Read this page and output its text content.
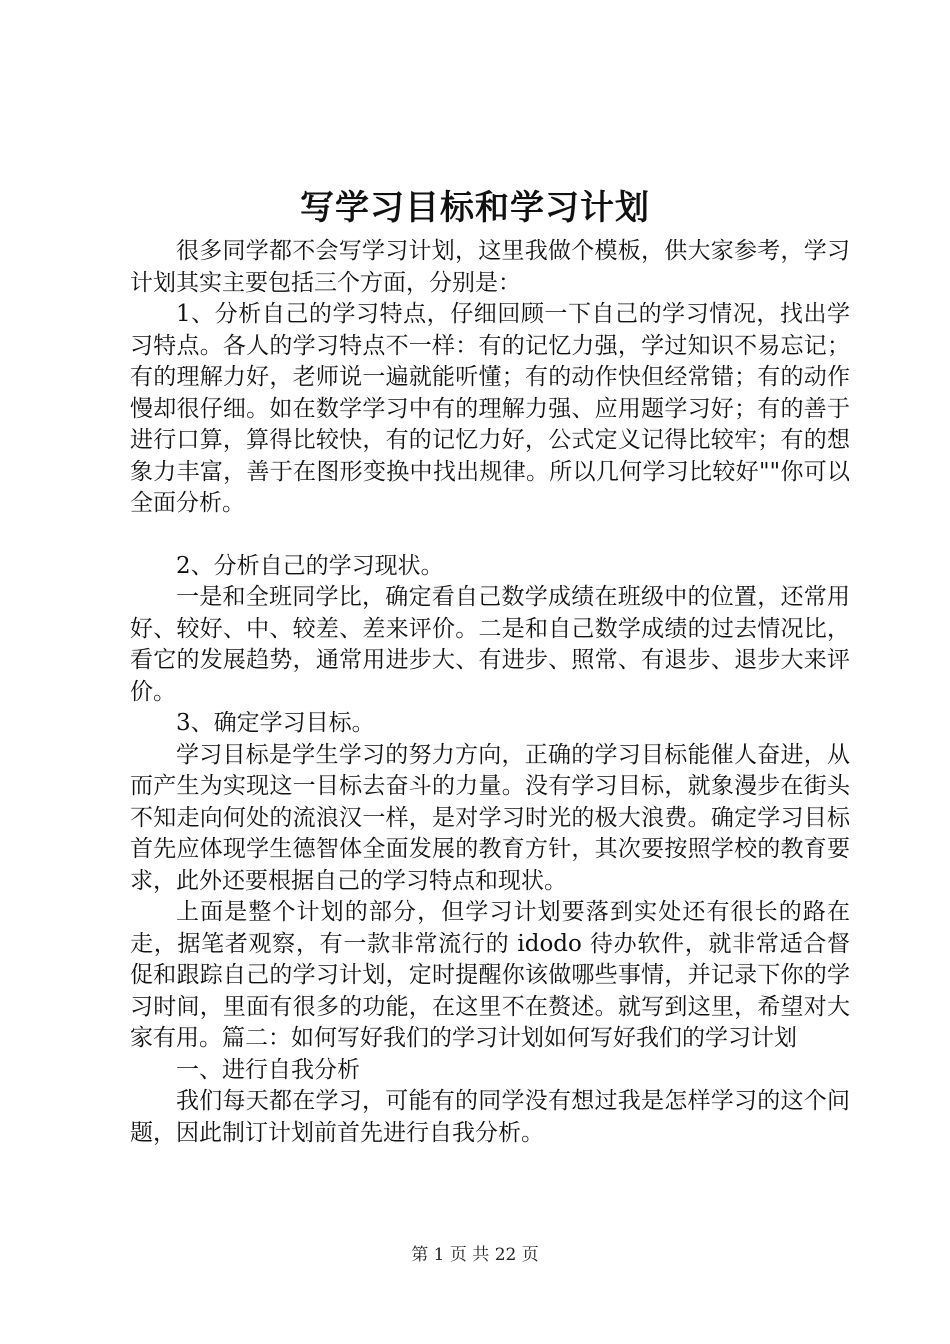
写学习目标和学习计划

很多同学都不会写学习计划，这里我做个模板，供大家参考，学习计划其实主要包括三个方面，分别是：

1、分析自己的学习特点，仔细回顾一下自己的学习情况，找出学习特点。各人的学习特点不一样：有的记忆力强，学过知识不易忘记；有的理解力好，老师说一遍就能听懂；有的动作快但经常错；有的动作慢却很仔细。如在数学学习中有的理解力强、应用题学习好；有的善于进行口算，算得比较快，有的记忆力好，公式定义记得比较牢；有的想象力丰富，善于在图形变换中找出规律。所以几何学习比较好""你可以全面分析。

2、分析自己的学习现状。

一是和全班同学比，确定看自己数学成绩在班级中的位置，还常用好、较好、中、较差、差来评价。二是和自己数学成绩的过去情况比，看它的发展趋势，通常用进步大、有进步、照常、有退步、退步大来评价。

3、确定学习目标。

学习目标是学生学习的努力方向，正确的学习目标能催人奋进，从而产生为实现这一目标去奋斗的力量。没有学习目标，就象漫步在街头不知走向何处的流浪汉一样，是对学习时光的极大浪费。确定学习目标首先应体现学生德智体全面发展的教育方针，其次要按照学校的教育要求，此外还要根据自己的学习特点和现状。

上面是整个计划的部分，但学习计划要落到实处还有很长的路在走，据笔者观察，有一款非常流行的 idodo 待办软件，就非常适合督促和跟踪自己的学习计划，定时提醒你该做哪些事情，并记录下你的学习时间，里面有很多的功能，在这里不在赘述。就写到这里，希望对大家有用。篇二：如何写好我们的学习计划如何写好我们的学习计划

一、进行自我分析

我们每天都在学习，可能有的同学没有想过我是怎样学习的这个问题，因此制订计划前首先进行自我分析。

第 1 页 共 22 页
